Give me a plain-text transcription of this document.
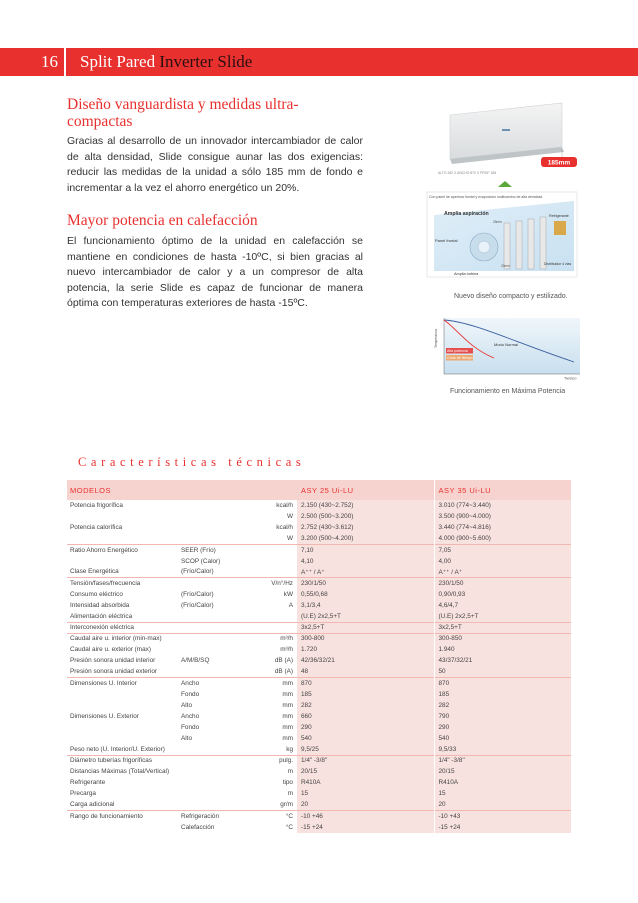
16	Split Pared Inverter Slide
Diseño vanguardista y medidas ultra-
compactas

Gracias al desarrollo de un innovador intercambiador de calor de alta densidad, Slide consigue aunar las dos exigencias: reducir las medidas de la unidad a sólo 185 mm de fondo e incrementar a la vez el ahorro energético un 20%.

Mayor potencia en calefacción

El funcionamiento óptimo de la unidad en calefacción se mantiene en condiciones de hasta -10ºC, si bien gracias al nuevo intercambiador de calor y a un compresor de alta potencia, la serie Slide es capaz de funcionar de manera óptima con temperaturas exteriores de hasta -15ºC.

185mm
ALTO 262 X ANCHO 870 X PROF 185
Con panel de apertura frontal y evaporador multicamino de alta densidad.
Amplia aspiración	Refrigerante
25mm
Panel frontal
20mm
Amplia turbina
Distribuidor 4 vías
Nuevo diseño compacto y estilizado.
Temperatura
Tiempo
Modo Normal
Alta potencia
Corto de tiempo
Funcionamiento en Máxima Potencia
Características técnicas
MODELOS			ASY 25 Ui-LU	ASY 35 Ui-LU
Potencia frigorífica		kcal/h	2.150 (430~2.752)	3.010 (774~3.440)
		W	2.500 (500~3.200)	3.500 (900~4.000)
Potencia calorífica		kcal/h	2.752 (430~3.612)	3.440 (774~4.816)
		W	3.200 (500~4.200)	4.000 (900~5.600)
Ratio Ahorro Energético	SEER (Frío)		7,10	7,05
	SCOP (Calor)		4,10	4,00
Clase Energética	(Frío/Calor)		A⁺⁺ / A⁺	A⁺⁺ / A⁺
Tensión/fases/frecuencia		V/n°/Hz	230/1/50	230/1/50
Consumo eléctrico	(Frío/Calor)	kW	0,55/0,68	0,90/0,93
Intensidad absorbida	(Frío/Calor)	A	3,1/3,4	4,6/4,7
Alimentación eléctrica			(U.E) 2x2,5+T	(U.E) 2x2,5+T
Interconexión eléctrica			3x2,5+T	3x2,5+T
Caudal aire u. interior (min-max)		m³/h	300-800	300-850
Caudal aire u. exterior (max)		m³/h	1.720	1.940
Presión sonora unidad interior	A/M/B/SQ	dB (A)	42/36/32/21	43/37/32/21
Presión sonora unidad exterior		dB (A)	48	50
Dimensiones U. Interior	Ancho	mm	870	870
	Fondo	mm	185	185
	Alto	mm	282	282
Dimensiones U. Exterior	Ancho	mm	660	790
	Fondo	mm	290	290
	Alto	mm	540	540
Peso neto (U. Interior/U. Exterior)		kg	9,5/25	9,5/33
Diámetro tuberías frigoríficas		pulg.	1/4" -3/8"	1/4" -3/8"
Distancias Máximas (Total/Vertical)		m	20/15	20/15
Refrigerante		tipo	R410A	R410A
Precarga		m	15	15
Carga adicional		gr/m	20	20
Rango de funcionamiento	Refrigeración	°C	-10 +46	-10 +43
	Calefacción	°C	-15 +24	-15 +24
